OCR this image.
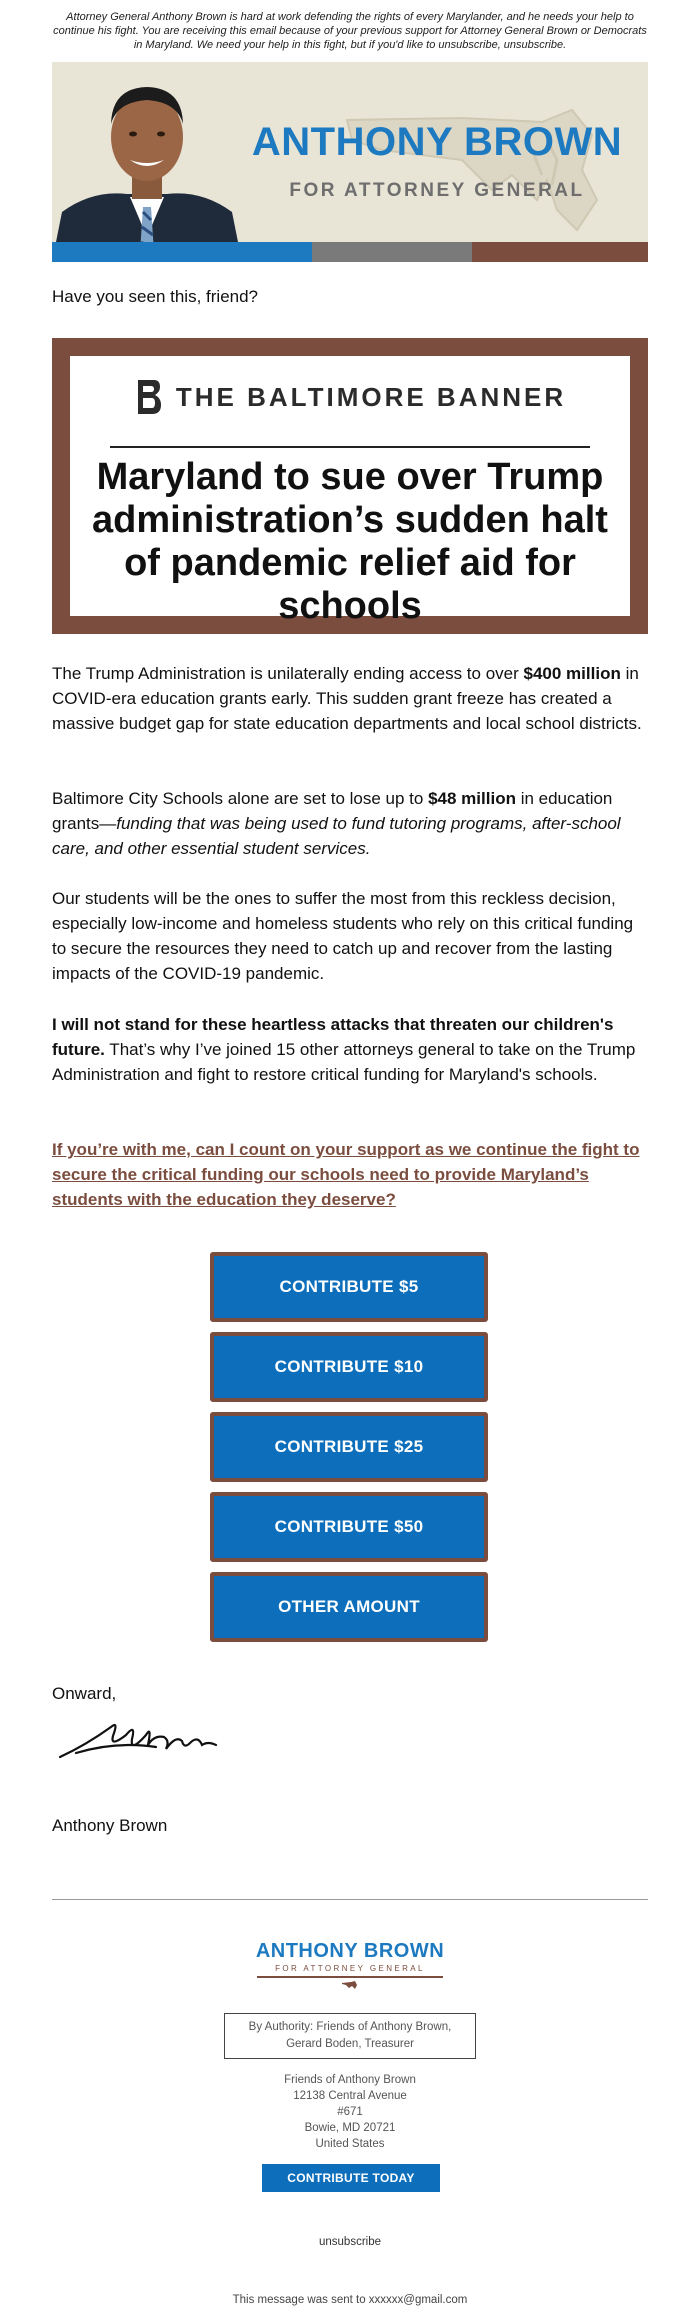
Attorney General Anthony Brown is hard at work defending the rights of every Marylander, and he needs your help to continue his fight. You are receiving this email because of your previous support for Attorney General Brown or Democrats in Maryland. We need your help in this fight, but if you'd like to unsubscribe, unsubscribe.
ANTHONY BROWN
FOR ATTORNEY GENERAL
Have you seen this, friend?
THE BALTIMORE BANNER
Maryland to sue over Trump administration’s sudden halt of pandemic relief aid for schools

The Trump Administration is unilaterally ending access to over $400 million in COVID-era education grants early. This sudden grant freeze has created a massive budget gap for state education departments and local school districts.

Baltimore City Schools alone are set to lose up to $48 million in education grants—funding that was being used to fund tutoring programs, after-school care, and other essential student services.

Our students will be the ones to suffer the most from this reckless decision, especially low-income and homeless students who rely on this critical funding to secure the resources they need to catch up and recover from the lasting impacts of the COVID-19 pandemic.

I will not stand for these heartless attacks that threaten our children's future. That’s why I’ve joined 15 other attorneys general to take on the Trump Administration and fight to restore critical funding for Maryland's schools.

If you’re with me, can I count on your support as we continue the fight to secure the critical funding our schools need to provide Maryland’s students with the education they deserve?

CONTRIBUTE $5
CONTRIBUTE $10
CONTRIBUTE $25
CONTRIBUTE $50
OTHER AMOUNT
Onward,
Anthony Brown
ANTHONY BROWN
FOR ATTORNEY GENERAL
By Authority: Friends of Anthony Brown,
Gerard Boden, Treasurer
Friends of Anthony Brown
12138 Central Avenue
#671
Bowie, MD 20721
United States
CONTRIBUTE TODAY
unsubscribe
This message was sent to xxxxxx@gmail.com
